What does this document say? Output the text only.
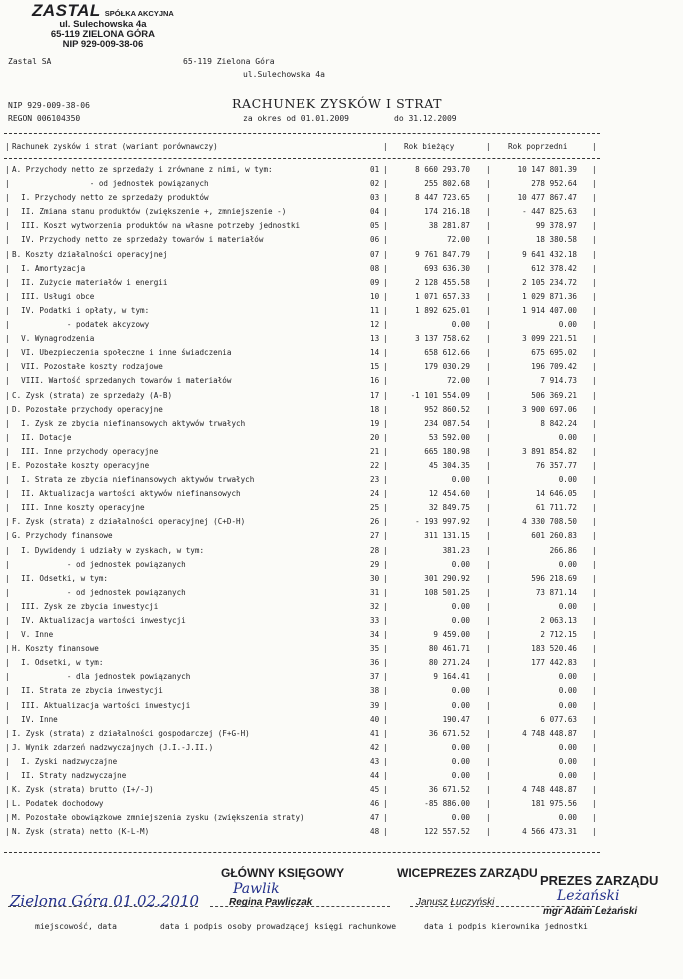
ZASTAL SPÓŁKA AKCYJNA
ul. Sulechowska 4a
65-119 ZIELONA GÓRA
NIP 929-009-38-06
Zastal SA	65-119 Zielona Góra
ul.Sulechowska 4a
NIP 929-009-38-06
REGON 006104350
RACHUNEK ZYSKÓW I STRAT
za okres od 01.01.2009	do 31.12.2009
| Rachunek zysków i strat (wariant porównawczy)	| Rok bieżący	| Rok poprzedni	|
| A. Przychody netto ze sprzedaży i zrównane z nimi, w tym:	01 |	8 660 293.70 |	10 147 801.39 |
| - od jednostek powiązanych	02 |	255 802.68 |	278 952.64 |
| I. Przychody netto ze sprzedaży produktów	03 |	8 447 723.65 |	10 477 867.47 |
| II. Zmiana stanu produktów (zwiększenie +, zmniejszenie -)	04 |	174 216.18 |	- 447 825.63 |
| III. Koszt wytworzenia produktów na własne potrzeby jednostki	05 |	38 281.87 |	99 378.97 |
| IV. Przychody netto ze sprzedaży towarów i materiałów	06 |	72.00 |	18 380.58 |
| B. Koszty działalności operacyjnej	07 |	9 761 847.79 |	9 641 432.18 |
| I. Amortyzacja	08 |	693 636.30 |	612 378.42 |
| II. Zużycie materiałów i energii	09 |	2 128 455.58 |	2 105 234.72 |
| III. Usługi obce	10 |	1 071 657.33 |	1 029 871.36 |
| IV. Podatki i opłaty, w tym:	11 |	1 892 625.01 |	1 914 407.00 |
| - podatek akcyzowy	12 |	0.00 |	0.00 |
| V. Wynagrodzenia	13 |	3 137 758.62 |	3 099 221.51 |
| VI. Ubezpieczenia społeczne i inne świadczenia	14 |	658 612.66 |	675 695.02 |
| VII. Pozostałe koszty rodzajowe	15 |	179 030.29 |	196 709.42 |
| VIII. Wartość sprzedanych towarów i materiałów	16 |	72.00 |	7 914.73 |
| C. Zysk (strata) ze sprzedaży (A-B)	17 |	-1 101 554.09 |	506 369.21 |
| D. Pozostałe przychody operacyjne	18 |	952 860.52 |	3 900 697.06 |
| I. Zysk ze zbycia niefinansowych aktywów trwałych	19 |	234 087.54 |	8 842.24 |
| II. Dotacje	20 |	53 592.00 |	0.00 |
| III. Inne przychody operacyjne	21 |	665 180.98 |	3 891 854.82 |
| E. Pozostałe koszty operacyjne	22 |	45 304.35 |	76 357.77 |
| I. Strata ze zbycia niefinansowych aktywów trwałych	23 |	0.00 |	0.00 |
| II. Aktualizacja wartości aktywów niefinansowych	24 |	12 454.60 |	14 646.05 |
| III. Inne koszty operacyjne	25 |	32 849.75 |	61 711.72 |
| F. Zysk (strata) z działalności operacyjnej (C+D-H)	26 |	- 193 997.92 |	4 330 708.50 |
| G. Przychody finansowe	27 |	311 131.15 |	601 260.83 |
| I. Dywidendy i udziały w zyskach, w tym:	28 |	381.23 |	266.86 |
| - od jednostek powiązanych	29 |	0.00 |	0.00 |
| II. Odsetki, w tym:	30 |	301 290.92 |	596 218.69 |
| - od jednostek powiązanych	31 |	108 501.25 |	73 871.14 |
| III. Zysk ze zbycia inwestycji	32 |	0.00 |	0.00 |
| IV. Aktualizacja wartości inwestycji	33 |	0.00 |	2 063.13 |
| V. Inne	34 |	9 459.00 |	2 712.15 |
| H. Koszty finansowe	35 |	80 461.71 |	183 520.46 |
| I. Odsetki, w tym:	36 |	80 271.24 |	177 442.83 |
| - dla jednostek powiązanych	37 |	9 164.41 |	0.00 |
| II. Strata ze zbycia inwestycji	38 |	0.00 |	0.00 |
| III. Aktualizacja wartości inwestycji	39 |	0.00 |	0.00 |
| IV. Inne	40 |	190.47 |	6 077.63 |
| I. Zysk (strata) z działalności gospodarczej (F+G-H)	41 |	36 671.52 |	4 748 448.87 |
| J. Wynik zdarzeń nadzwyczajnych (J.I.-J.II.)	42 |	0.00 |	0.00 |
| I. Zyski nadzwyczajne	43 |	0.00 |	0.00 |
| II. Straty nadzwyczajne	44 |	0.00 |	0.00 |
| K. Zysk (strata) brutto (I+/-J)	45 |	36 671.52 |	4 748 448.87 |
| L. Podatek dochodowy	46 |	-85 886.00 |	181 975.56 |
| M. Pozostałe obowiązkowe zmniejszenia zysku (zwiększenia straty)	47 |	0.00 |	0.00 |
| N. Zysk (strata) netto (K-L-M)	48 |	122 557.52 |	4 566 473.31 |
GŁÓWNY KSIĘGOWY
Pawlik
Regina Pawliczak
WICEPREZES ZARZĄDU
Janusz Łuczyński
PREZES ZARZĄDU
Leżański
mgr Adam Leżański
Zielona Góra 01.02.2010
miejscowość, data	data i podpis osoby prowadzącej księgi rachunkowe	data i podpis kierownika jednostki
